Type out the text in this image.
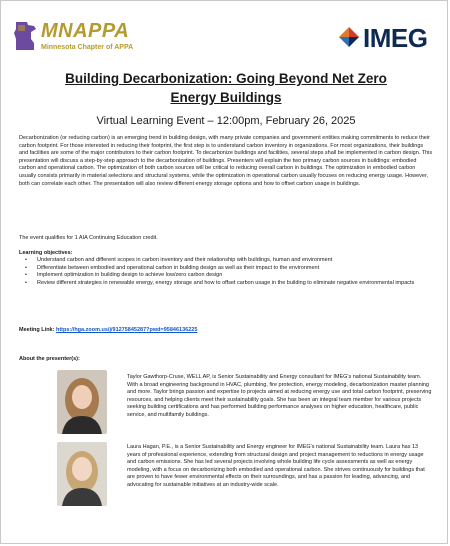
MNAPPA
Minnesota Chapter of APPA	IMEG
Building Decarbonization: Going Beyond Net Zero
Energy Buildings
Virtual Learning Event – 12:00pm, February 26, 2025
Decarbonization (or reducing carbon) is an emerging trend in building design, with many private companies and government entities making commitments to reduce their carbon footprint. For those interested in reducing their footprint, the first step is to understand carbon inventory in organizations. For most organizations, their buildings and facilities are some of the major contributors to their carbon footprint. To decarbonize buildings and facilities, several steps shall be implemented in carbon design. This presentation will discuss a step-by-step approach to the decarbonization of buildings. Presenters will explain the two primary carbon sources in buildings: embodied carbon and operational carbon. The optimization of both carbon sources will be critical to reducing overall carbon in buildings. The optimization in embodied carbon usually consists primarily in material selections and structural systems, while the optimization in operational carbon usually focuses on reducing energy usage. However, both can correlate each other. The presentation will also review different energy storage options and how to offset carbon usage in buildings.
The event qualifies for 1 AIA Continuing Education credit.
Learning objectives:
• Understand carbon and different scopes in carbon inventory and their relationship with buildings, human and environment
• Differentiate between embodied and operational carbon in building design as well as their impact to the environment
• Implement optimization in building design to achieve low/zero carbon design
• Review different strategies in renewable energy, energy storage and how to offset carbon usage in the building to eliminate negative environmental impacts
Meeting Link: https://hga.zoom.us/j/91275845287?pwd=95846136225
About the presenter(s):
Taylor Gawthorp-Cruse, WELL AP, is Senior Sustainability and Energy consultant for IMEG's national Sustainability team. With a broad engineering background in HVAC, plumbing, fire protection, energy modeling, decarbonization master planning and more. Taylor brings passion and expertise to projects aimed at reducing energy use and total carbon footprint, preserving resources, and helping clients meet their sustainability goals. She has been an integral team member for various projects seeking building certifications and has performed building performance analyses on higher education, healthcare, public service, and multifamily buildings.
Laura Hagan, P.E., is a Senior Sustainability and Energy engineer for IMEG's national Sustainability team. Laura has 13 years of professional experience, extending from structural design and project management to reductions in energy usage and carbon emissions. She has led several projects involving whole building life cycle assessments as well as energy modeling, with a focus on decarbonizing both embodied and operational carbon. She strives continuously for buildings that are proven to have fewer environmental effects on their surroundings, and has a passion for leading, advancing, and advocating for sustainable initiatives at an industry-wide scale.
